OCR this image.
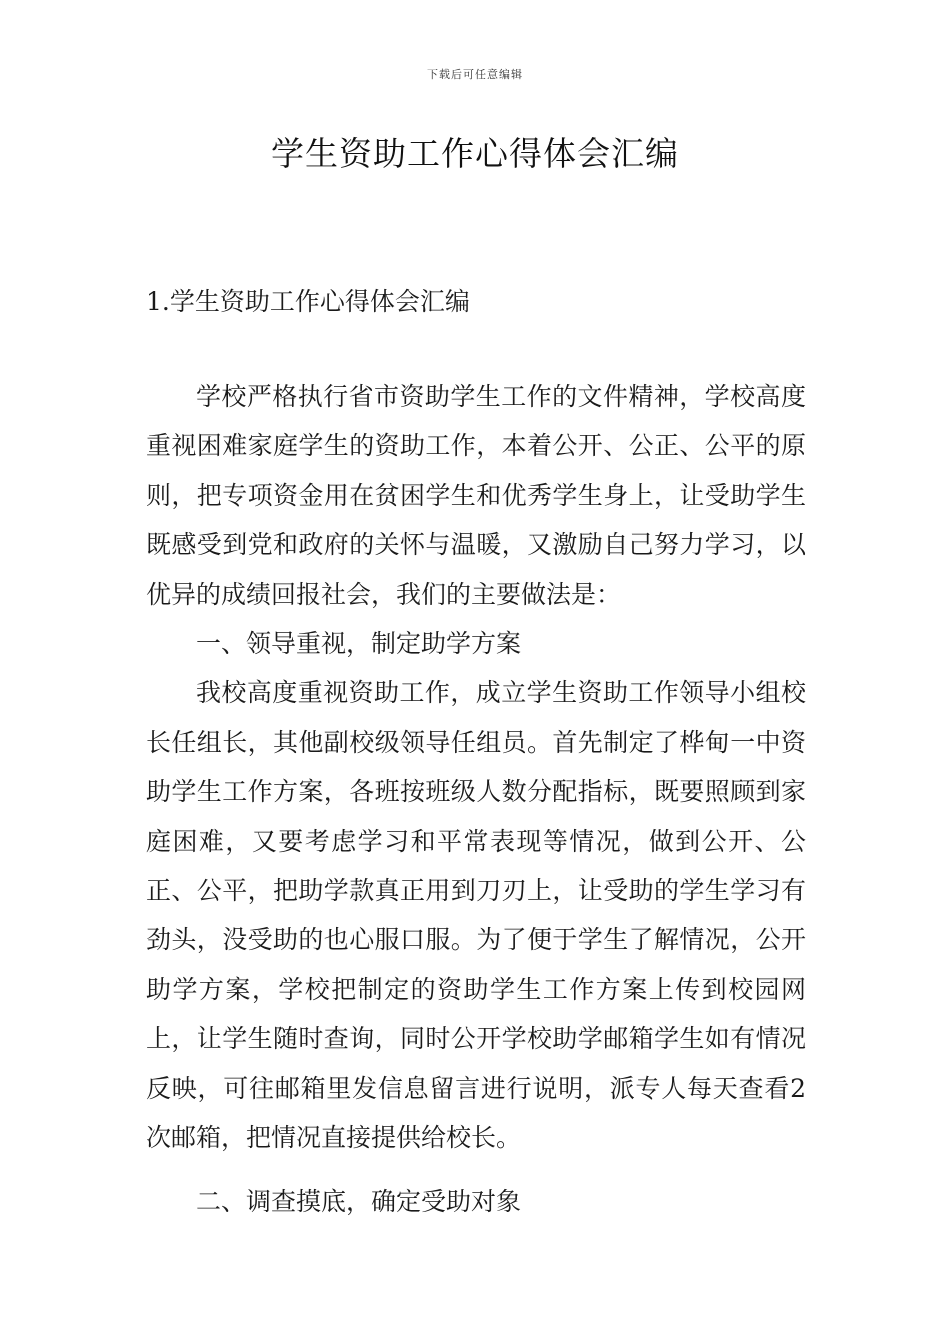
下载后可任意编辑
学生资助工作心得体会汇编
1.学生资助工作心得体会汇编

学校严格执行省市资助学生工作的文件精神，学校高度重视困难家庭学生的资助工作，本着公开、公正、公平的原则，把专项资金用在贫困学生和优秀学生身上，让受助学生既感受到党和政府的关怀与温暖，又激励自己努力学习，以优异的成绩回报社会，我们的主要做法是：

一、领导重视，制定助学方案

我校高度重视资助工作，成立学生资助工作领导小组校长任组长，其他副校级领导任组员。首先制定了桦甸一中资助学生工作方案，各班按班级人数分配指标，既要照顾到家庭困难，又要考虑学习和平常表现等情况，做到公开、公正、公平，把助学款真正用到刀刃上，让受助的学生学习有劲头，没受助的也心服口服。为了便于学生了解情况，公开助学方案，学校把制定的资助学生工作方案上传到校园网上，让学生随时查询，同时公开学校助学邮箱学生如有情况反映，可往邮箱里发信息留言进行说明，派专人每天查看2次邮箱，把情况直接提供给校长。

二、调查摸底，确定受助对象
